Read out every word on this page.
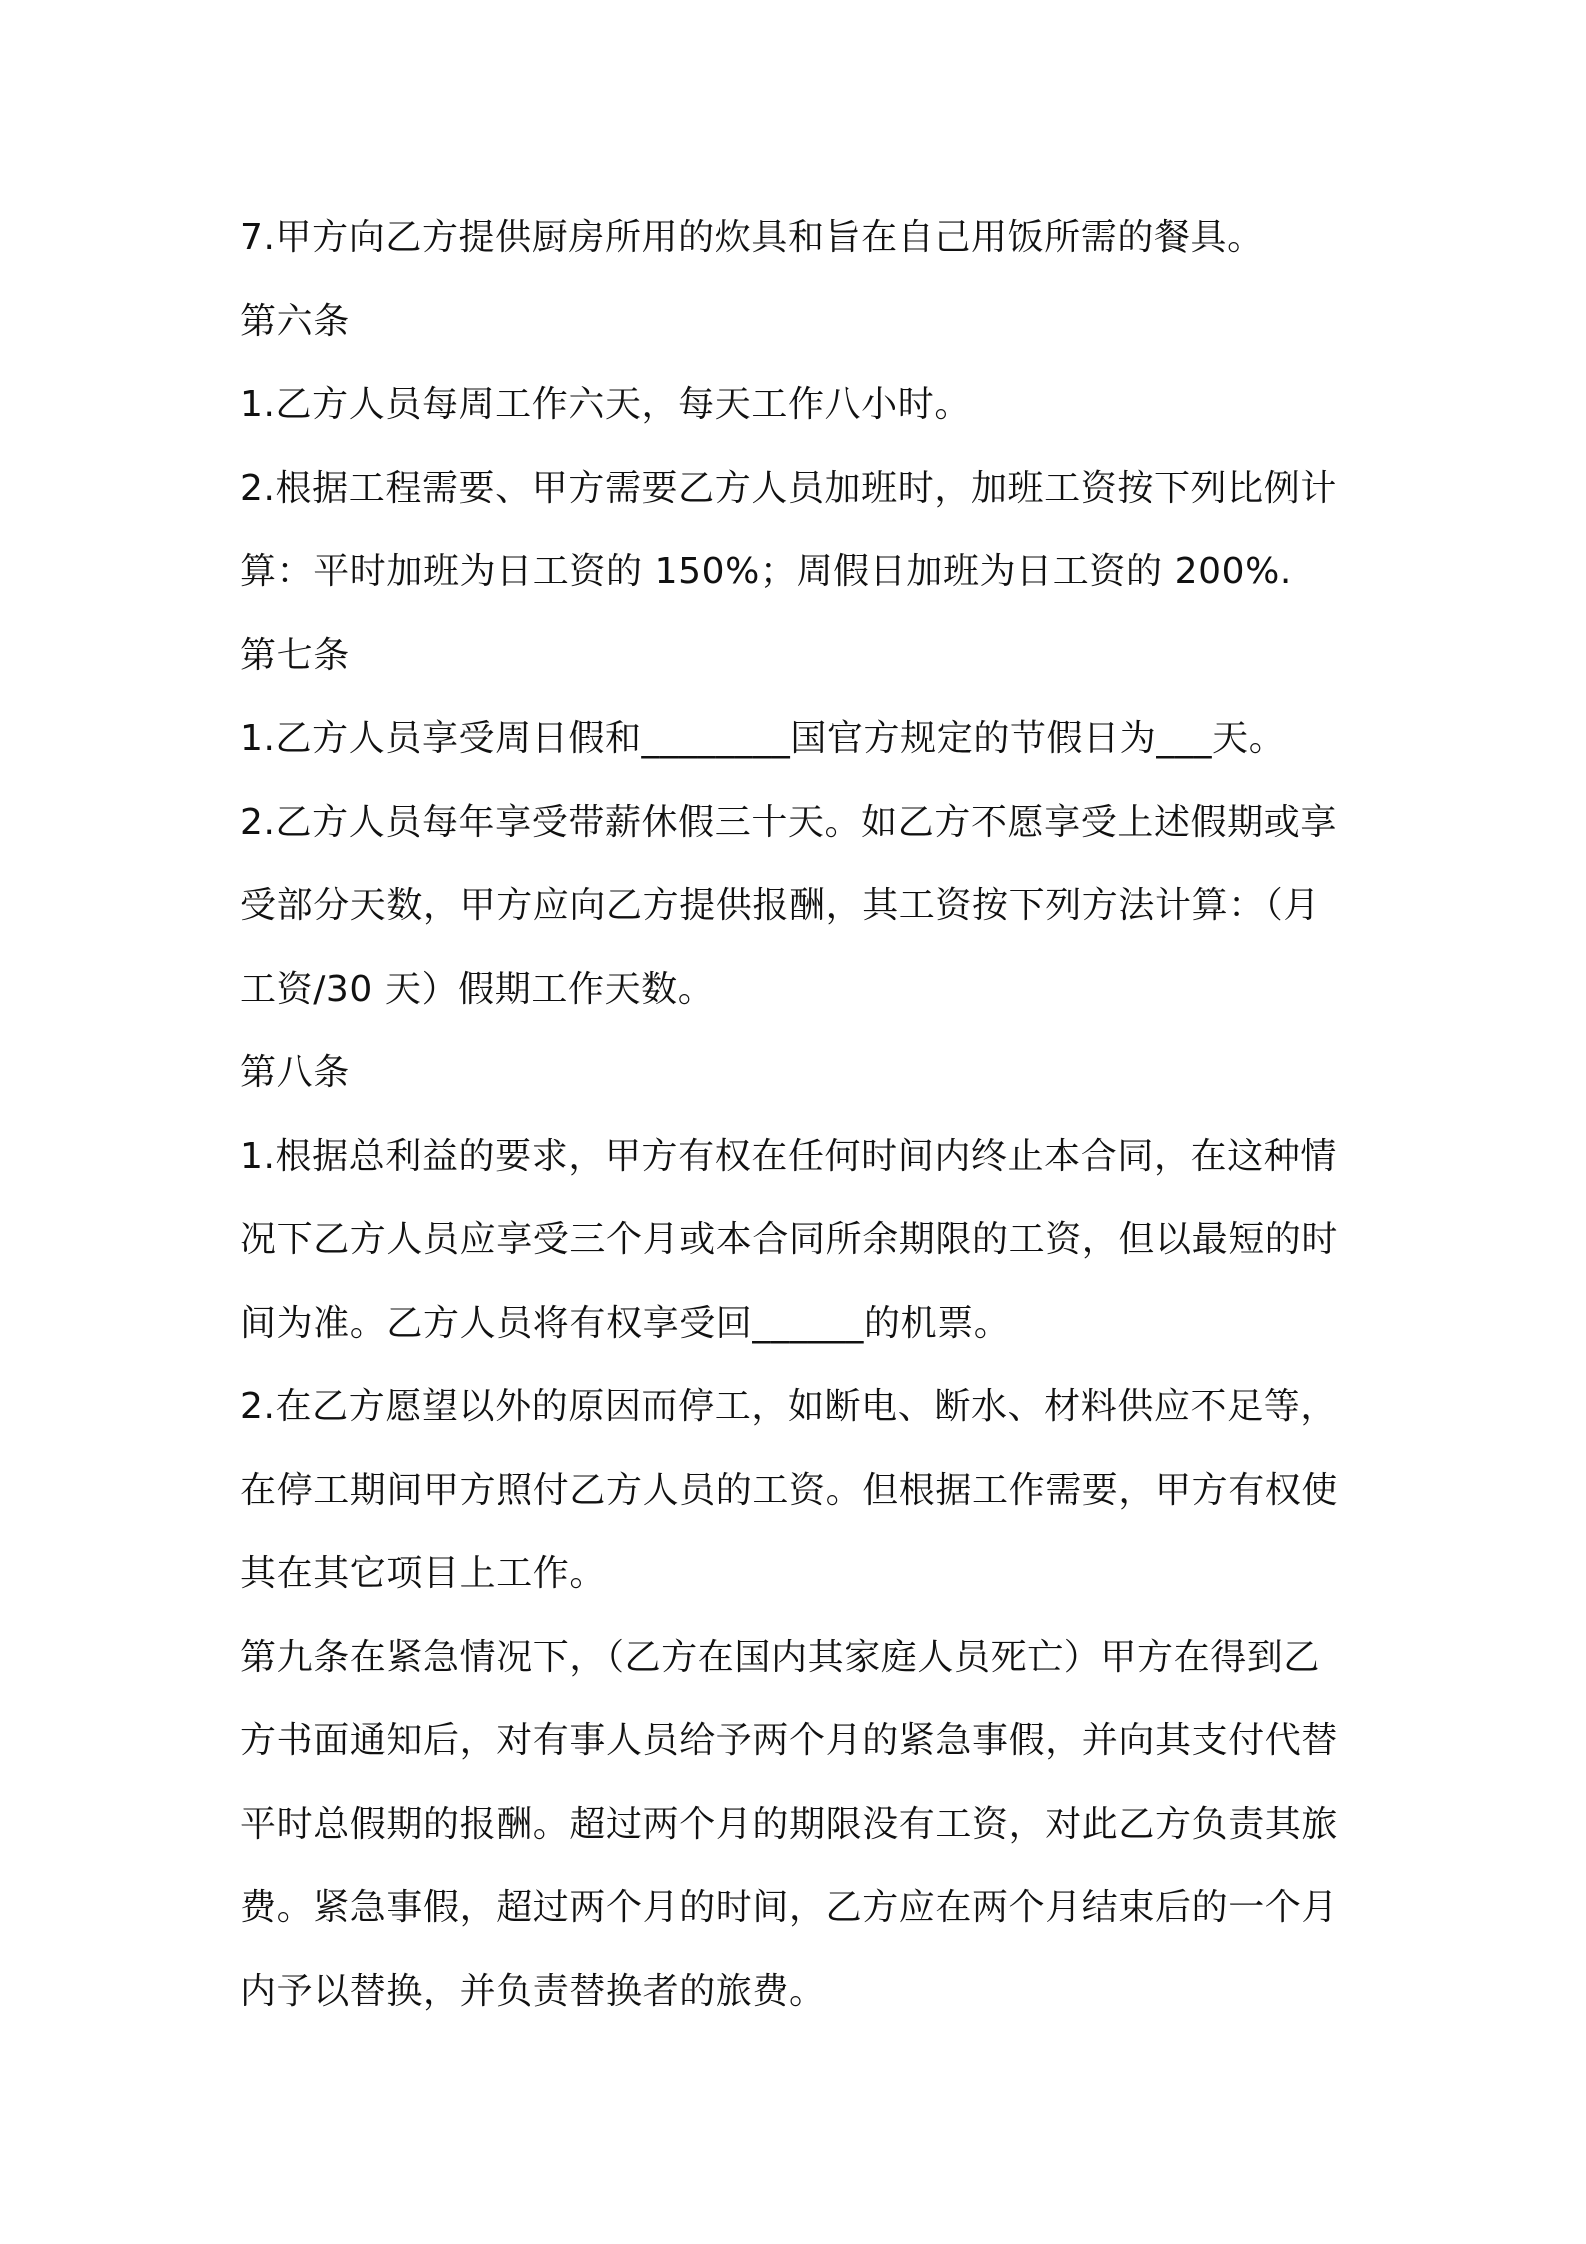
7.甲方向乙方提供厨房所用的炊具和旨在自己用饭所需的餐具。
第六条
1.乙方人员每周工作六天，每天工作八小时。
2.根据工程需要、甲方需要乙方人员加班时，加班工资按下列比例计
算：平时加班为日工资的 150%；周假日加班为日工资的 200%.
第七条
1.乙方人员享受周日假和________国官方规定的节假日为___天。
2.乙方人员每年享受带薪休假三十天。如乙方不愿享受上述假期或享
受部分天数，甲方应向乙方提供报酬，其工资按下列方法计算：（月
工资/30 天）假期工作天数。
第八条
1.根据总利益的要求，甲方有权在任何时间内终止本合同，在这种情
况下乙方人员应享受三个月或本合同所余期限的工资，但以最短的时
间为准。乙方人员将有权享受回______的机票。
2.在乙方愿望以外的原因而停工，如断电、断水、材料供应不足等，
在停工期间甲方照付乙方人员的工资。但根据工作需要，甲方有权使
其在其它项目上工作。
第九条在紧急情况下，（乙方在国内其家庭人员死亡）甲方在得到乙
方书面通知后，对有事人员给予两个月的紧急事假，并向其支付代替
平时总假期的报酬。超过两个月的期限没有工资，对此乙方负责其旅
费。紧急事假，超过两个月的时间，乙方应在两个月结束后的一个月
内予以替换，并负责替换者的旅费。
